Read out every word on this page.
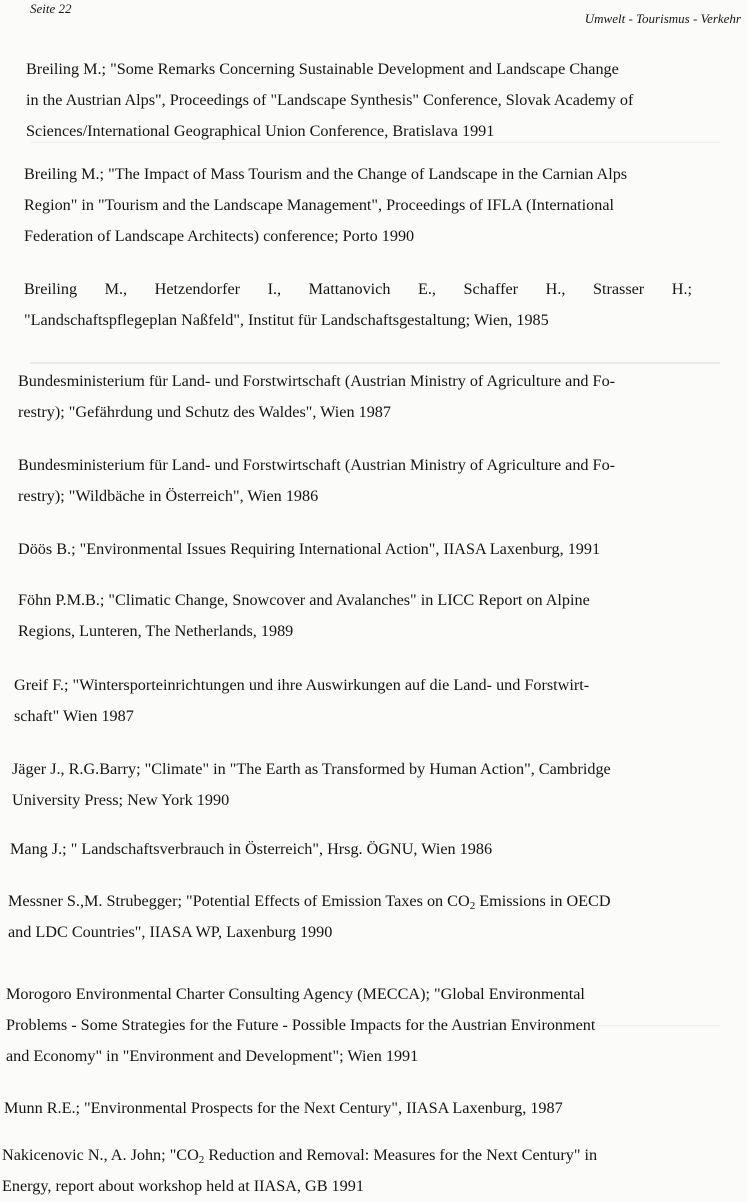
Seite 22
Umwelt - Tourismus - Verkehr
Breiling M.; "Some Remarks Concerning Sustainable Development and Landscape Change
in the Austrian Alps", Proceedings of "Landscape Synthesis" Conference, Slovak Academy of
Sciences/International Geographical Union Conference, Bratislava 1991
Breiling M.; "The Impact of Mass Tourism and the Change of Landscape in the Carnian Alps
Region" in "Tourism and the Landscape Management", Proceedings of IFLA (International
Federation of Landscape Architects) conference; Porto 1990
Breiling M., Hetzendorfer I., Mattanovich E., Schaffer H., Strasser H.;
"Landschaftspflegeplan Naßfeld", Institut für Landschaftsgestaltung; Wien, 1985
Bundesministerium für Land- und Forstwirtschaft (Austrian Ministry of Agriculture and Fo-
restry); "Gefährdung und Schutz des Waldes", Wien 1987
Bundesministerium für Land- und Forstwirtschaft (Austrian Ministry of Agriculture and Fo-
restry); "Wildbäche in Österreich", Wien 1986
Döös B.; "Environmental Issues Requiring International Action", IIASA Laxenburg, 1991
Föhn P.M.B.; "Climatic Change, Snowcover and Avalanches" in LICC Report on Alpine
Regions, Lunteren, The Netherlands, 1989
Greif F.; "Wintersporteinrichtungen und ihre Auswirkungen auf die Land- und Forstwirt-
schaft" Wien 1987
Jäger J., R.G.Barry; "Climate" in "The Earth as Transformed by Human Action", Cambridge
University Press; New York 1990
Mang J.; " Landschaftsverbrauch in Österreich", Hrsg. ÖGNU, Wien 1986
Messner S.,M. Strubegger; "Potential Effects of Emission Taxes on $CO_2$ Emissions in OECD
and LDC Countries", IIASA WP, Laxenburg 1990
Morogoro Environmental Charter Consulting Agency (MECCA); "Global Environmental
Problems - Some Strategies for the Future - Possible Impacts for the Austrian Environment
and Economy" in "Environment and Development"; Wien 1991
Munn R.E.; "Environmental Prospects for the Next Century", IIASA Laxenburg, 1987
Nakicenovic N., A. John; "$CO_2$ Reduction and Removal: Measures for the Next Century" in
Energy, report about workshop held at IIASA, GB 1991
